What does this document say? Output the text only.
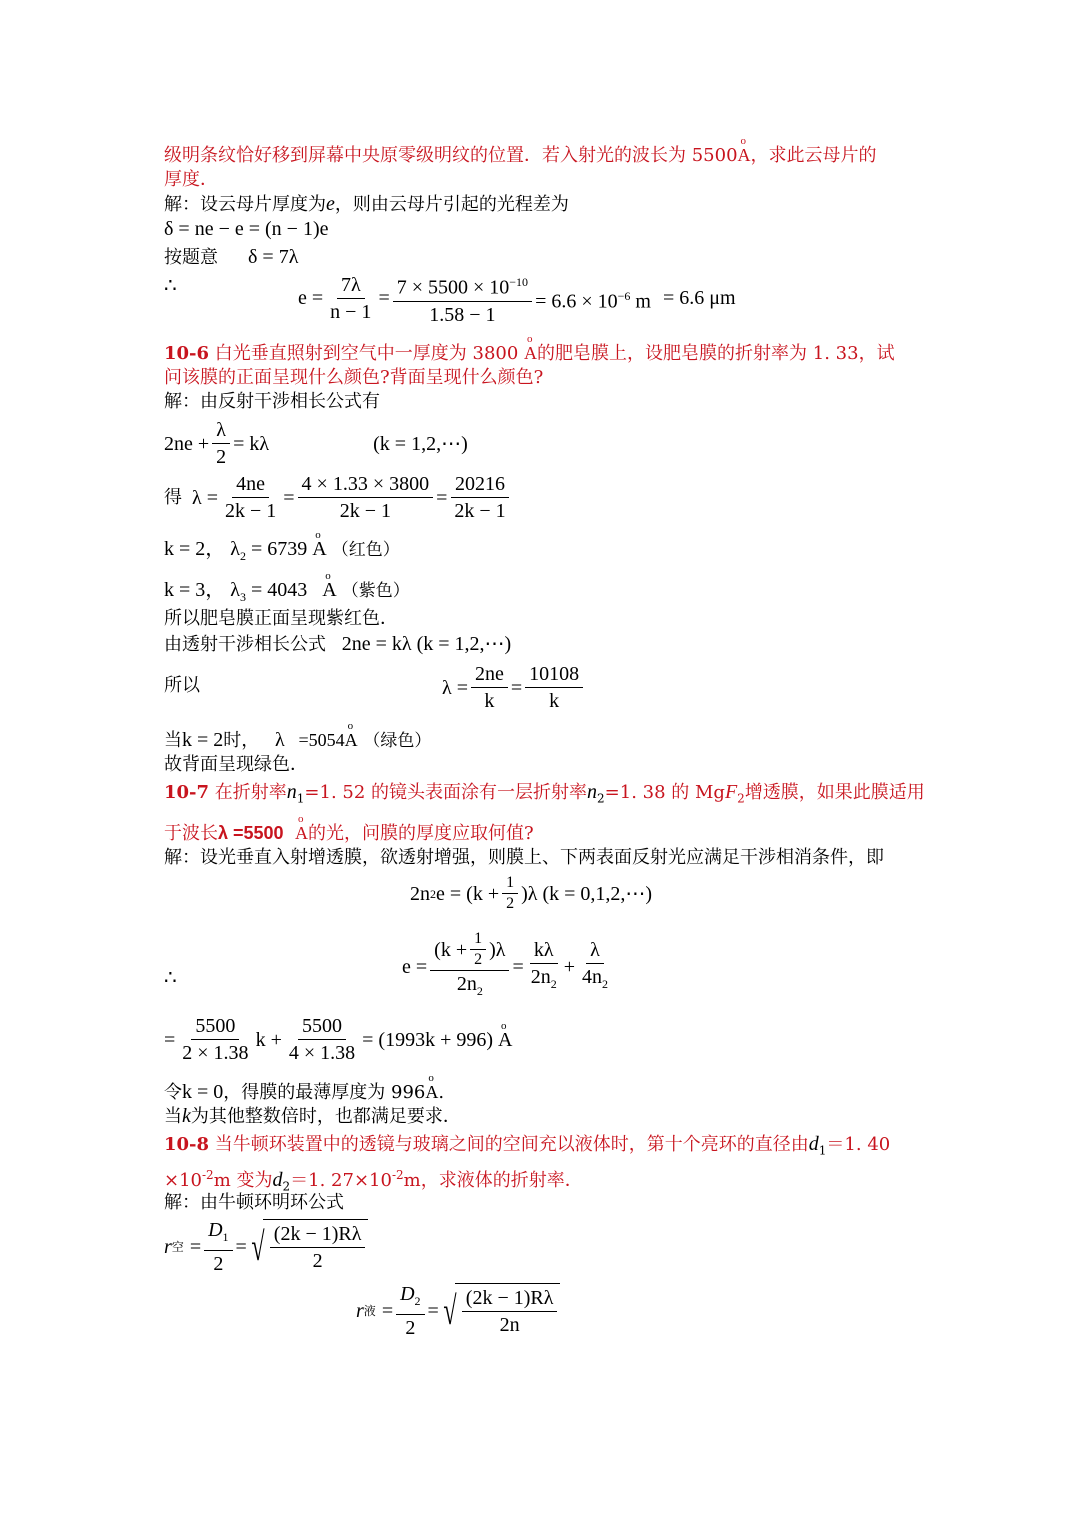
级明条纹恰好移到屏幕中央原零级明纹的位置．若入射光的波长为 5500o A，求此云母片的
厚度．
解：设云母片厚度为e，则由云母片引起的光程差为
δ = ne − e = (n − 1)e
按题意 δ = 7λ
∴
$e = \frac{7\lambda}{n - 1} = \frac{7 \times 5500 \times 10^{-10}}{1.58 - 1} = 6.6 \times 10^{-6}$ m = 6.6 μm
10-6 白光垂直照射到空气中一厚度为 3800 o A的肥皂膜上，设肥皂膜的折射率为 1. 33，试
问该膜的正面呈现什么颜色?背面呈现什么颜色?
解：由反射干涉相长公式有
$2ne + \frac{\lambda}{2} = k\lambda$	(k = 1,2,⋯)
得 $\lambda = \frac{4ne}{2k - 1} = \frac{4 \times 1.33 \times 3800}{2k - 1} = \frac{20216}{2k - 1}$
k = 2， $\lambda_2 = 6739$ o A （红色）
k = 3， $\lambda_3 = 4043$ o A （紫色）
所以肥皂膜正面呈现紫红色．
由透射干涉相长公式 2ne = kλ (k = 1,2,⋯)
所以	$\lambda = \frac{2ne}{k} = \frac{10108}{k}$
当k = 2时， λ =5054o A （绿色）
故背面呈现绿色．
10-7 在折射率$n_1=1$. 52 的镜头表面涂有一层折射率$n_2=1$. 38 的 MgF$_2$增透膜，如果此膜适用
于波长λ =5500 o A的光，问膜的厚度应取何值?
解：设光垂直入射增透膜，欲透射增强，则膜上、下两表面反射光应满足干涉相消条件，即
2n 2 $e = (k + \frac{1}{2} )\lambda$ (k = 0,1,2,⋯)
∴
$e = \frac{(k + \frac{1}{2} )\lambda}{2n_2} = \frac{k\lambda}{2n_2} + \frac{\lambda}{4n_2}$
= $\frac{5500}{2 \times 1.38}$ $k + \frac{5500}{4 \times 1.38} = (1993k + 996)$
o A
令k = 0，得膜的最薄厚度为 996o A.
当k为其他整数倍时，也都满足要求．
10-8 当牛顿环装置中的透镜与玻璃之间的空间充以液体时，第十个亮环的直径由$d_1=1$. 40
$\times 10^{-2}m$ 变为$d_2=1$. $27\times 10^{-2}m$，求液体的折射率．
解：由牛顿环明环公式
r 空 = $\frac{D_1}{2}$ = √ $\frac{(2k - 1)R\lambda}{2}$
r 液 = $\frac{D_2}{2}$ = √ $\frac{(2k - 1)R\lambda}{2n}$
